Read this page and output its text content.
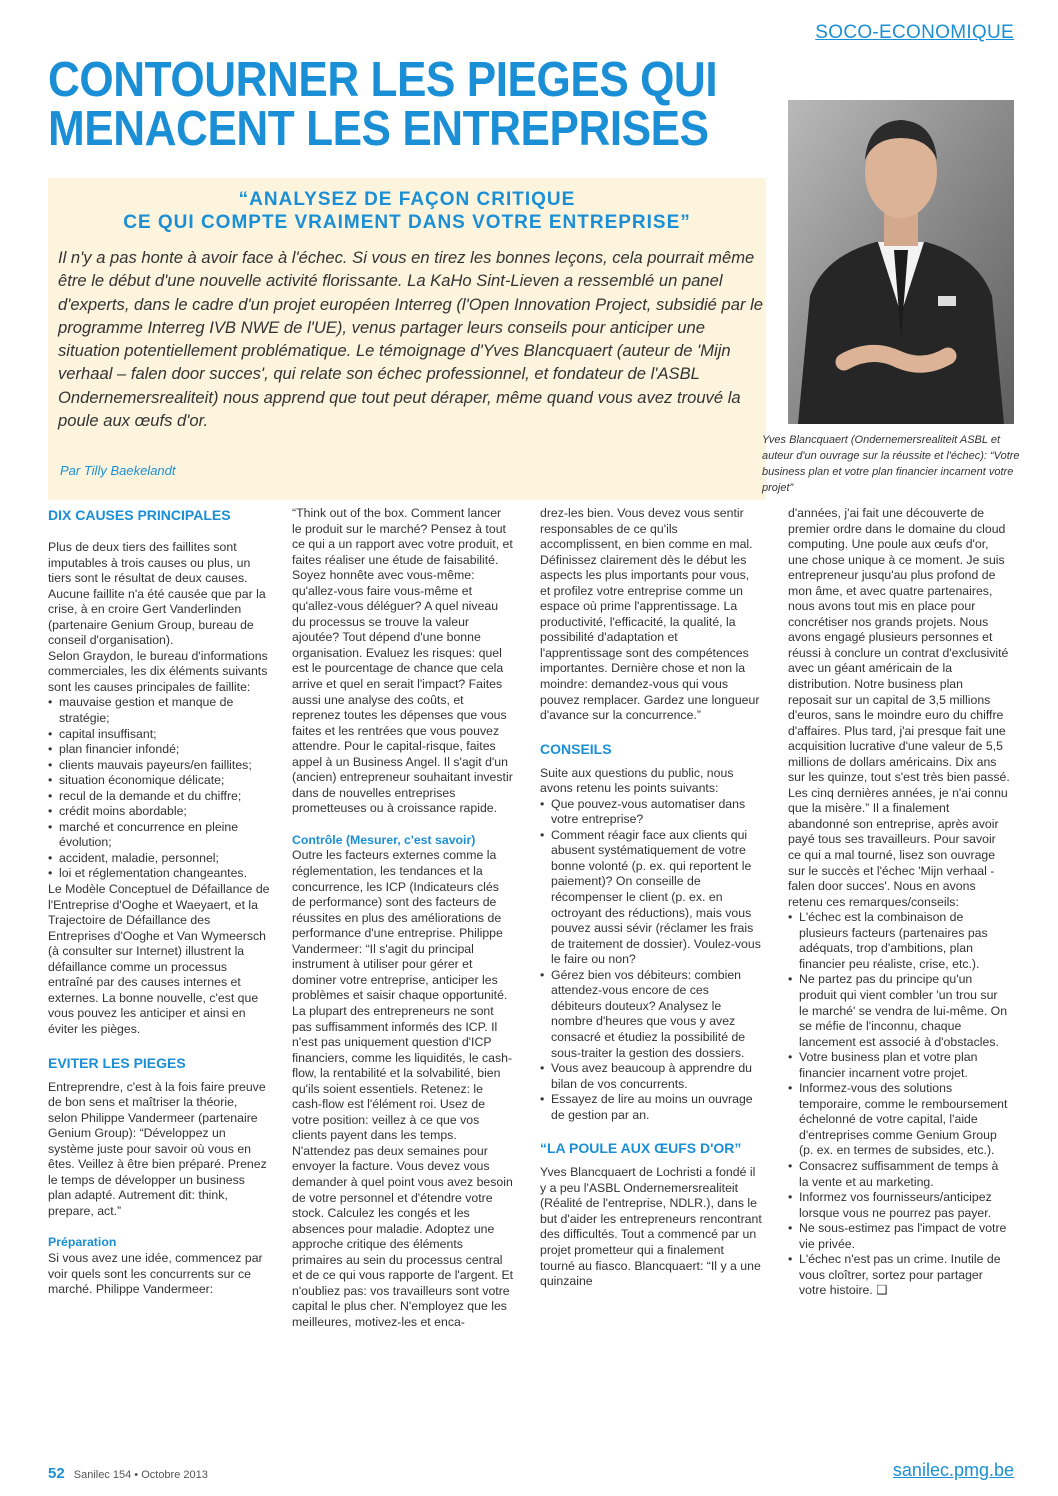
SOCO-ECONOMIQUE
CONTOURNER LES PIEGES QUI
MENACENT LES ENTREPRISES
“ANALYSEZ DE FAÇON CRITIQUE
CE QUI COMPTE VRAIMENT DANS VOTRE ENTREPRISE”

Il n'y a pas honte à avoir face à l'échec. Si vous en tirez les bonnes leçons, cela pourrait même être le début d'une nouvelle activité florissante. La KaHo Sint-Lieven a ressemblé un panel d'experts, dans le cadre d'un projet européen Interreg (l'Open Innovation Project, subsidié par le programme Interreg IVB NWE de l'UE), venus partager leurs conseils pour anticiper une situation potentiellement problématique. Le témoignage d'Yves Blancquaert (auteur de 'Mijn verhaal – falen door succes', qui relate son échec professionnel, et fondateur de l'ASBL Ondernemersrealiteit) nous apprend que tout peut déraper, même quand vous avez trouvé la poule aux œufs d'or.

Par Tilly Baekelandt

Yves Blancquaert (Ondernemersrealiteit ASBL et auteur d'un ouvrage sur la réussite et l'échec): “Votre business plan et votre plan financier incarnent votre projet”

DIX CAUSES PRINCIPALES

Plus de deux tiers des faillites sont imputables à trois causes ou plus, un tiers sont le résultat de deux causes. Aucune faillite n'a été causée que par la crise, à en croire Gert Vanderlinden (partenaire Genium Group, bureau de conseil d'organisation).

Selon Graydon, le bureau d'informations commerciales, les dix éléments suivants sont les causes principales de faillite:

• mauvaise gestion et manque de stratégie;
• capital insuffisant;
• plan financier infondé;
• clients mauvais payeurs/en faillites;
• situation économique délicate;
• recul de la demande et du chiffre;
• crédit moins abordable;
• marché et concurrence en pleine évolution;
• accident, maladie, personnel;
• loi et réglementation changeantes.

Le Modèle Conceptuel de Défaillance de l'Entreprise d'Ooghe et Waeyaert, et la Trajectoire de Défaillance des Entreprises d'Ooghe et Van Wymeersch (à consulter sur Internet) illustrent la défaillance comme un processus entraîné par des causes internes et externes. La bonne nouvelle, c'est que vous pouvez les anticiper et ainsi en éviter les pièges.

EVITER LES PIEGES

Entreprendre, c'est à la fois faire preuve de bon sens et maîtriser la théorie, selon Philippe Vandermeer (partenaire Genium Group): “Développez un système juste pour savoir où vous en êtes. Veillez à être bien préparé. Prenez le temps de développer un business plan adapté. Autrement dit: think, prepare, act.”

Préparation

Si vous avez une idée, commencez par voir quels sont les concurrents sur ce marché. Philippe Vandermeer:

“Think out of the box. Comment lancer le produit sur le marché? Pensez à tout ce qui a un rapport avec votre produit, et faites réaliser une étude de faisabilité. Soyez honnête avec vous-même: qu'allez-vous faire vous-même et qu'allez-vous déléguer? A quel niveau du processus se trouve la valeur ajoutée? Tout dépend d'une bonne organisation. Evaluez les risques: quel est le pourcentage de chance que cela arrive et quel en serait l'impact? Faites aussi une analyse des coûts, et reprenez toutes les dépenses que vous faites et les rentrées que vous pouvez attendre. Pour le capital-risque, faites appel à un Business Angel. Il s'agit d'un (ancien) entrepreneur souhaitant investir dans de nouvelles entreprises prometteuses ou à croissance rapide.

Contrôle (Mesurer, c'est savoir)

Outre les facteurs externes comme la réglementation, les tendances et la concurrence, les ICP (Indicateurs clés de performance) sont des facteurs de réussites en plus des améliorations de performance d'une entreprise. Philippe Vandermeer: “Il s'agit du principal instrument à utiliser pour gérer et dominer votre entreprise, anticiper les problèmes et saisir chaque opportunité. La plupart des entrepreneurs ne sont pas suffisamment informés des ICP. Il n'est pas uniquement question d'ICP financiers, comme les liquidités, le cash-flow, la rentabilité et la solvabilité, bien qu'ils soient essentiels. Retenez: le cash-flow est l'élément roi. Usez de votre position: veillez à ce que vos clients payent dans les temps. N'attendez pas deux semaines pour envoyer la facture. Vous devez vous demander à quel point vous avez besoin de votre personnel et d'étendre votre stock. Calculez les congés et les absences pour maladie. Adoptez une approche critique des éléments primaires au sein du processus central et de ce qui vous rapporte de l'argent. Et n'oubliez pas: vos travailleurs sont votre capital le plus cher. N'employez que les meilleures, motivez-les et enca-

drez-les bien. Vous devez vous sentir responsables de ce qu'ils accomplissent, en bien comme en mal. Définissez clairement dès le début les aspects les plus importants pour vous,

et profilez votre entreprise comme un espace où prime l'apprentissage. La productivité, l'efficacité, la qualité, la possibilité d'adaptation et l'apprentissage sont des compétences importantes. Dernière chose et non la moindre: demandez-vous qui vous pouvez remplacer. Gardez une longueur d'avance sur la concurrence.”

CONSEILS

Suite aux questions du public, nous avons retenu les points suivants:

• Que pouvez-vous automatiser dans votre entreprise?
• Comment réagir face aux clients qui abusent systématiquement de votre bonne volonté (p. ex. qui reportent le paiement)? On conseille de récompenser le client (p. ex. en octroyant des réductions), mais vous pouvez aussi sévir (réclamer les frais de traitement de dossier). Voulez-vous le faire ou non?
• Gérez bien vos débiteurs: combien attendez-vous encore de ces débiteurs douteux? Analysez le nombre d'heures que vous y avez consacré et étudiez la possibilité de sous-traiter la gestion des dossiers.
• Vous avez beaucoup à apprendre du bilan de vos concurrents.
• Essayez de lire au moins un ouvrage de gestion par an.
“LA POULE AUX ŒUFS D'OR”

Yves Blancquaert de Lochristi a fondé il y a peu l'ASBL Ondernemersrealiteit (Réalité de l'entreprise, NDLR.), dans le but d'aider les entrepreneurs rencontrant des difficultés. Tout a commencé par un projet prometteur qui a finalement tourné au fiasco. Blancquaert: “Il y a une quinzaine

d'années, j'ai fait une découverte de premier ordre dans le domaine du cloud computing. Une poule aux œufs d'or, une chose unique à ce moment. Je suis entrepreneur jusqu'au plus profond de mon âme, et avec quatre partenaires, nous avons tout mis en place pour concrétiser nos grands projets. Nous avons engagé plusieurs personnes et réussi à conclure un contrat d'exclusivité avec un géant américain de la distribution. Notre business plan reposait sur un capital de 3,5 millions d'euros, sans le moindre euro du chiffre d'affaires. Plus tard, j'ai presque fait une acquisition lucrative d'une valeur de 5,5 millions de dollars américains. Dix ans sur les quinze, tout s'est très bien passé. Les cinq dernières années, je n'ai connu que la misère.” Il a finalement abandonné son entreprise, après avoir payé tous ses travailleurs. Pour savoir ce qui a mal tourné, lisez son ouvrage sur le succès et l'échec 'Mijn verhaal - falen door succes'. Nous en avons retenu ces remarques/conseils:

• L'échec est la combinaison de plusieurs facteurs (partenaires pas adéquats, trop d'ambitions, plan financier peu réaliste, crise, etc.).
• Ne partez pas du principe qu'un produit qui vient combler 'un trou sur le marché' se vendra de lui-même. On se méfie de l'inconnu, chaque lancement est associé à d'obstacles.
• Votre business plan et votre plan financier incarnent votre projet.
• Informez-vous des solutions temporaire, comme le remboursement échelonné de votre capital, l'aide d'entreprises comme Genium Group (p. ex. en termes de subsides, etc.).
• Consacrez suffisamment de temps à la vente et au marketing.
• Informez vos fournisseurs/anticipez lorsque vous ne pourrez pas payer.
• Ne sous-estimez pas l'impact de votre vie privée.
• L'échec n'est pas un crime. Inutile de vous cloîtrer, sortez pour partager votre histoire. ❑
52 Sanilec 154 • Octobre 2013	sanilec.pmg.be
